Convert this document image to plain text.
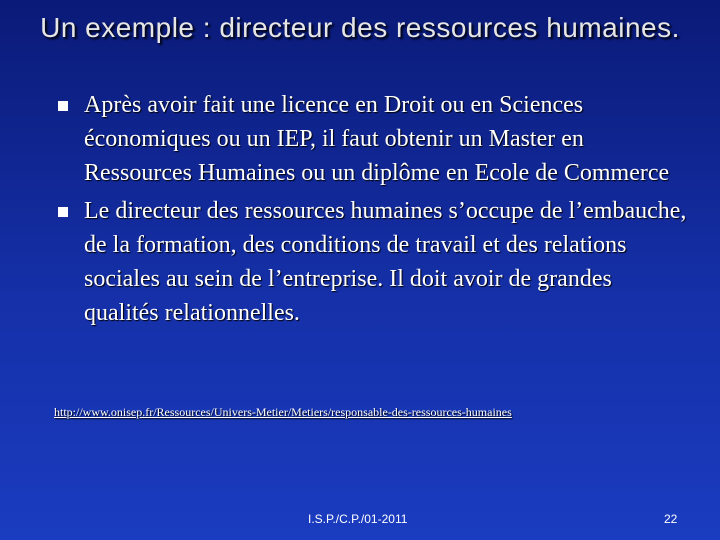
Un exemple : directeur des ressources humaines.
Après avoir fait une licence en Droit ou en Sciences économiques ou un IEP, il faut obtenir un Master en Ressources Humaines ou un diplôme en Ecole de Commerce
Le directeur des ressources humaines s’occupe de l’embauche, de la formation, des conditions de travail et des relations sociales au sein de l’entreprise. Il doit avoir de grandes qualités relationnelles.
http://www.onisep.fr/Ressources/Univers-Metier/Metiers/responsable-des-ressources-humaines
I.S.P./C.P./01-2011	22
